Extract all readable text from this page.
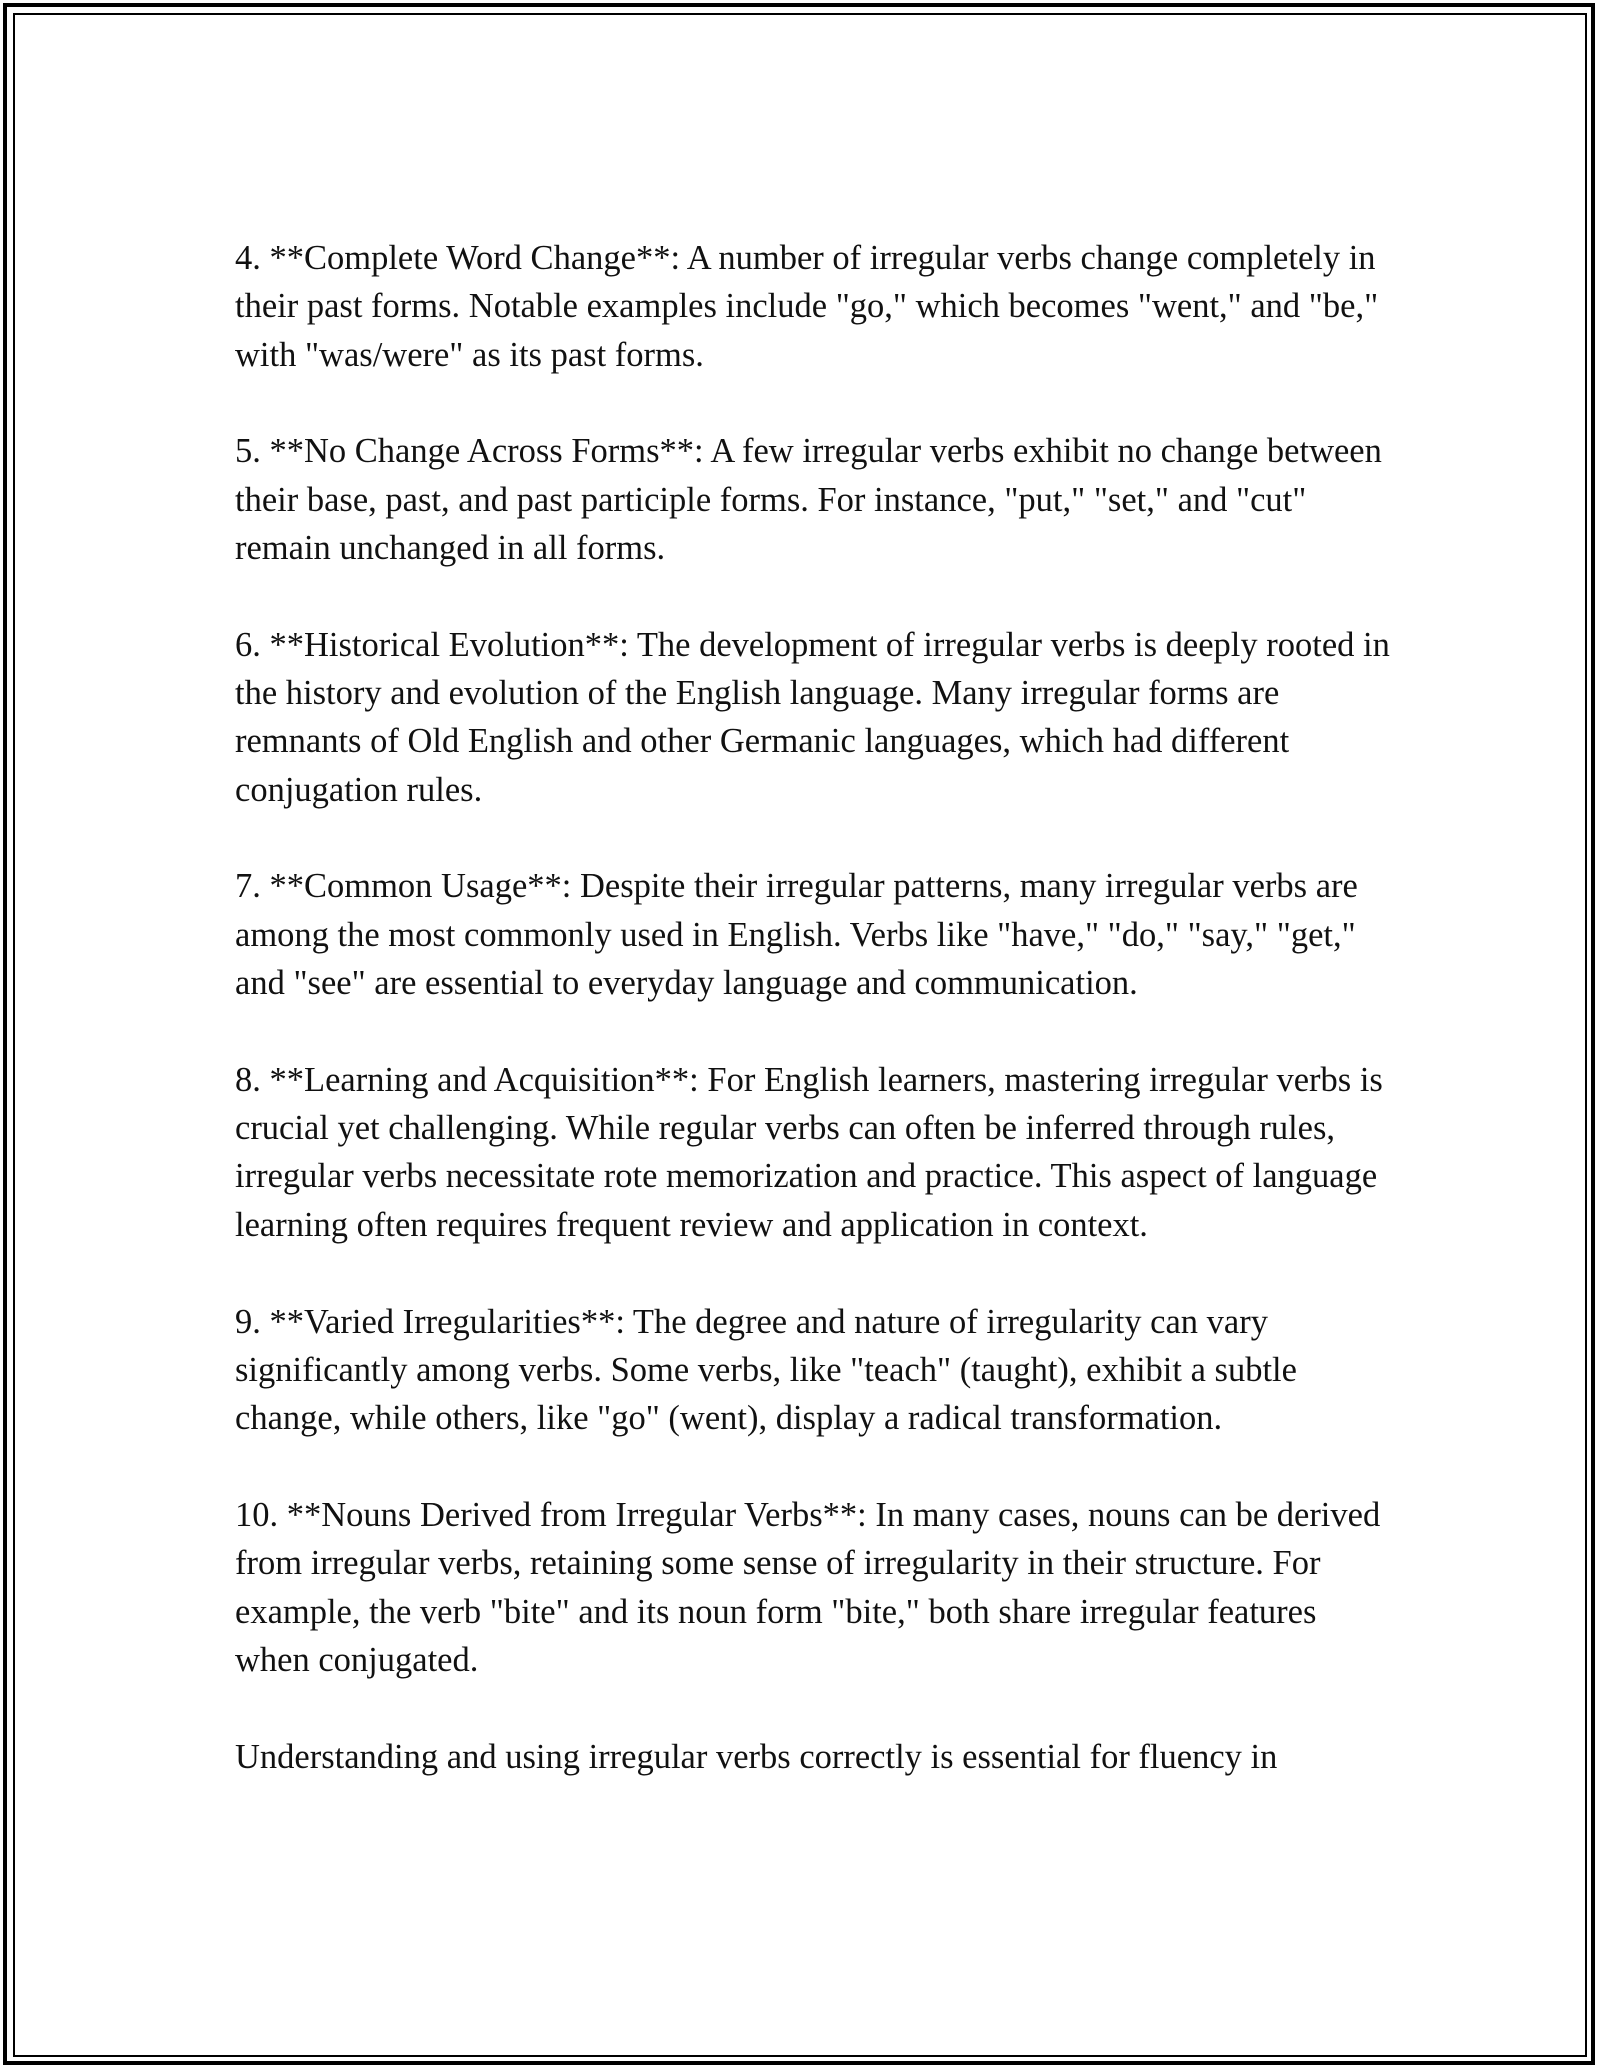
4. **Complete Word Change**: A number of irregular verbs change completely in their past forms. Notable examples include "go," which becomes "went," and "be," with "was/were" as its past forms.

5. **No Change Across Forms**: A few irregular verbs exhibit no change between their base, past, and past participle forms. For instance, "put," "set," and "cut" remain unchanged in all forms.

6. **Historical Evolution**: The development of irregular verbs is deeply rooted in the history and evolution of the English language. Many irregular forms are remnants of Old English and other Germanic languages, which had different conjugation rules.

7. **Common Usage**: Despite their irregular patterns, many irregular verbs are among the most commonly used in English. Verbs like "have," "do," "say," "get," and "see" are essential to everyday language and communication.

8. **Learning and Acquisition**: For English learners, mastering irregular verbs is crucial yet challenging. While regular verbs can often be inferred through rules, irregular verbs necessitate rote memorization and practice. This aspect of language learning often requires frequent review and application in context.

9. **Varied Irregularities**: The degree and nature of irregularity can vary significantly among verbs. Some verbs, like "teach" (taught), exhibit a subtle change, while others, like "go" (went), display a radical transformation.

10. **Nouns Derived from Irregular Verbs**: In many cases, nouns can be derived from irregular verbs, retaining some sense of irregularity in their structure. For example, the verb "bite" and its noun form "bite," both share irregular features when conjugated.

Understanding and using irregular verbs correctly is essential for fluency in
